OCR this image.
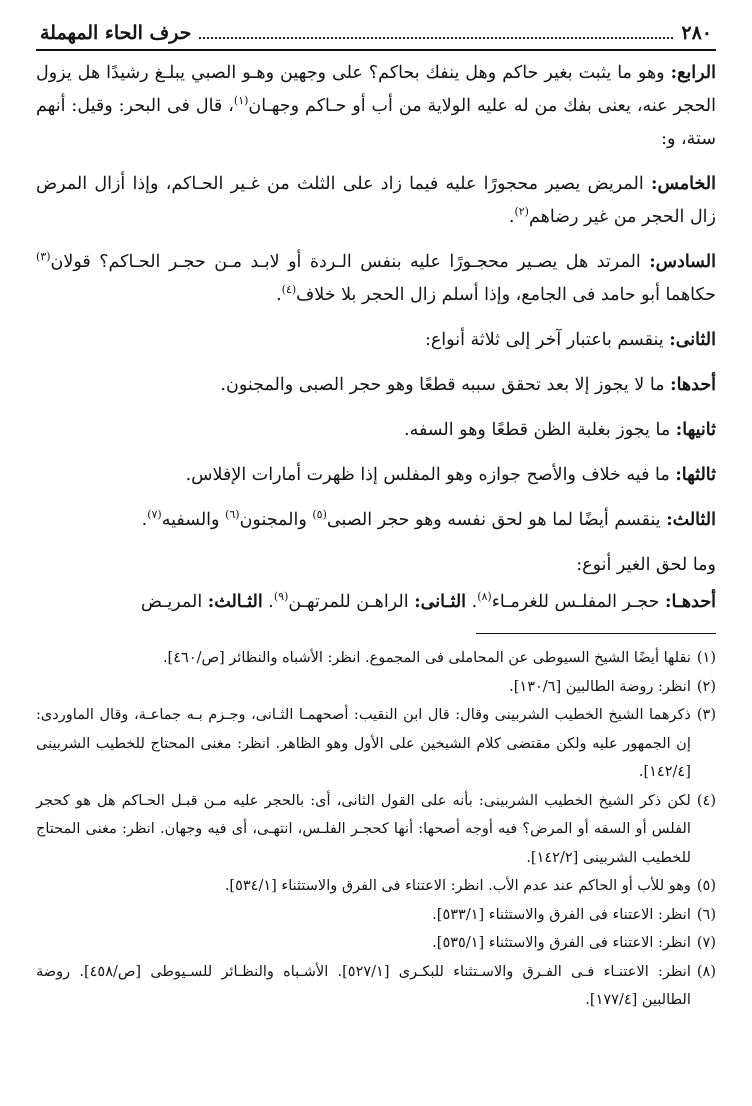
٢٨٠
حرف الحاء المهملة

الرابع: وهو ما يثبت بغير حاكم وهل ينفك بحاكم؟ على وجهين وهـو الصبي يبلـغ رشيدًا هل يزول الحجر عنه، يعنى بفك من له عليه الولاية من أب أو حـاكم وجهـان$^{(١)}$، قال فى البحر: وقيل: أنهم ستة، و:

الخامس: المريض يصير محجورًا عليه فيما زاد على الثلث من غـير الحـاكم، وإذا أزال المرض زال الحجر من غير رضاهم$^{(٢)}$.

السادس: المرتد هل يصـير محجـورًا عليه بنفس الـردة أو لابـد مـن حجـر الحـاكم؟ قولان$^{(٣)}$ حكاهما أبو حامد فى الجامع، وإذا أسلم زال الحجر بلا خلاف$^{(٤)}$.

الثانى: ينقسم باعتبار آخر إلى ثلاثة أنواع:

أحدها: ما لا يجوز إلا بعد تحقق سببه قطعًا وهو حجر الصبى والمجنون.

ثانيها: ما يجوز بغلبة الظن قطعًا وهو السفه.

ثالثها: ما فيه خلاف والأصح جوازه وهو المفلس إذا ظهرت أمارات الإفلاس.

الثالث: ينقسم أيضًا لما هو لحق نفسه وهو حجر الصبى$^{(٥)}$ والمجنون$^{(٦)}$ والسفيه$^{(٧)}$.

وما لحق الغير أنوع:

أحدهـا: حجـر المفلـس للغرمـاء$^{(٨)}$. الثـانى: الراهـن للمرتهـن$^{(٩)}$. الثـالث: المريـض

(١)
نقلها أيضًا الشيخ السيوطى عن المحاملى فى المجموع. انظر: الأشباه والنظائر [ص/٤٦٠].
(٢)
انظر: روضة الطالبين [١٣٠/٦].
(٣)
ذكرهما الشيخ الخطيب الشربينى وقال: قال ابن النقيب: أصحهمـا الثـانى، وجـزم بـه جماعـة، وقال الماوردى: إن الجمهور عليه ولكن مقتضى كلام الشيخين على الأول وهو الظاهر. انظر: مغنى المحتاج للخطيب الشربينى [١٤٢/٤].
(٤)
لكن ذكر الشيخ الخطيب الشربينى: بأنه على القول الثانى، أى: بالحجر عليه مـن قبـل الحـاكم هل هو كحجر الفلس أو السفه أو المرض؟ فيه أوجه أصحها: أنها كحجـر الفلـس، انتهـى، أى فيه وجهان. انظر: مغنى المحتاج للخطيب الشربينى [١٤٢/٢].
(٥)
وهو للأب أو الحاكم عند عدم الأب. انظر: الاعتناء فى الفرق والاستثناء [٥٣٤/١].
(٦)
انظر: الاعتناء فى الفرق والاستثناء [٥٣٣/١].
(٧)
انظر: الاعتناء فى الفرق والاستثناء [٥٣٥/١].
(٨)
انظر: الاعتنـاء فـى الفـرق والاسـتثناء للبكـرى [٥٢٧/١]. الأشـباه والنظـائر للسـيوطى [ص/٤٥٨]. روضة الطالبين [١٧٧/٤].
